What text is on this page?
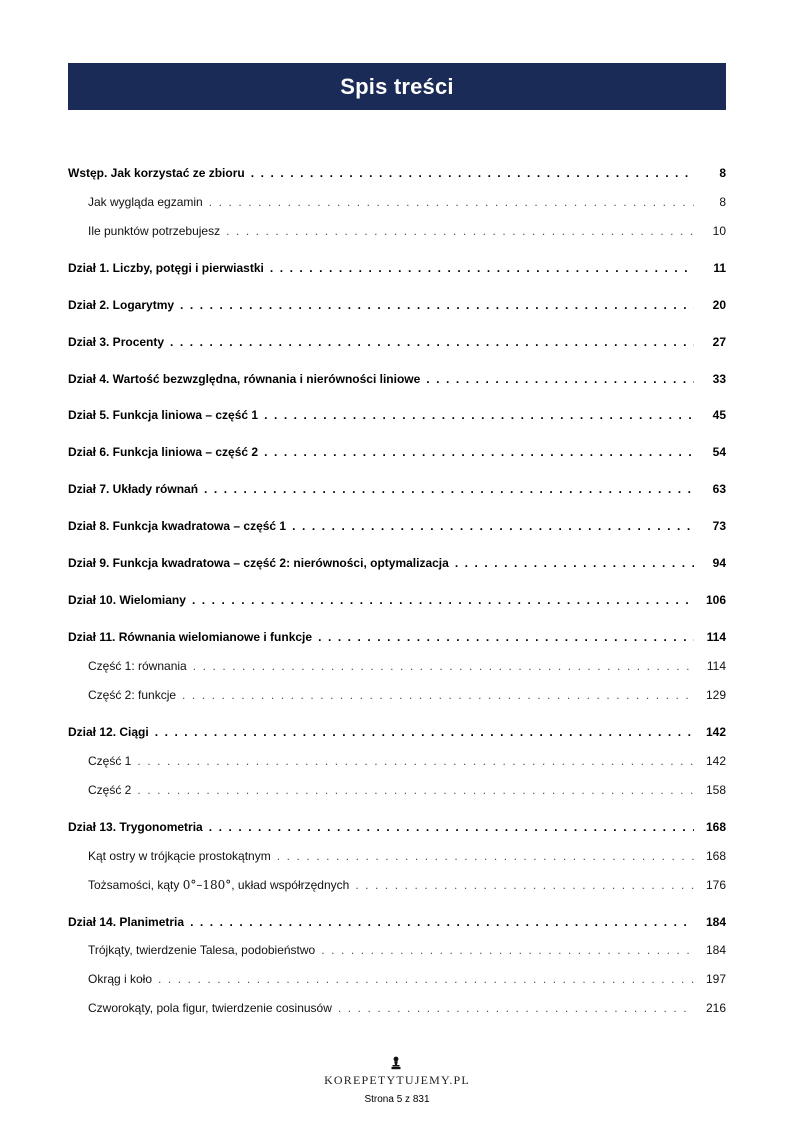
Spis treści
Wstęp. Jak korzystać ze zbioru . . .	8
Jak wygląda egzamin . . .	8
Ile punktów potrzebujesz . . .	10
Dział 1. Liczby, potęgi i pierwiastki . . .	11
Dział 2. Logarytmy . . .	20
Dział 3. Procenty . . .	27
Dział 4. Wartość bezwzględna, równania i nierówności liniowe . . .	33
Dział 5. Funkcja liniowa – część 1 . . .	45
Dział 6. Funkcja liniowa – część 2 . . .	54
Dział 7. Układy równań . . .	63
Dział 8. Funkcja kwadratowa – część 1 . . .	73
Dział 9. Funkcja kwadratowa – część 2: nierówności, optymalizacja . . .	94
Dział 10. Wielomiany . . .	106
Dział 11. Równania wielomianowe i funkcje . . .	114
Część 1: równania . . .	114
Część 2: funkcje . . .	129
Dział 12. Ciągi . . .	142
Część 1 . . .	142
Część 2 . . .	158
Dział 13. Trygonometria . . .	168
Kąt ostry w trójkącie prostokątnym . . .	168
Tożsamości, kąty 0°–180°, układ współrzędnych . . .	176
Dział 14. Planimetria . . .	184
Trójkąty, twierdzenie Talesa, podobieństwo . . .	184
Okrąg i koło . . .	197
Czworokąty, pola figur, twierdzenie cosinusów . . .	216
KOREPETYTUJEMY.PL
Strona 5 z 831
